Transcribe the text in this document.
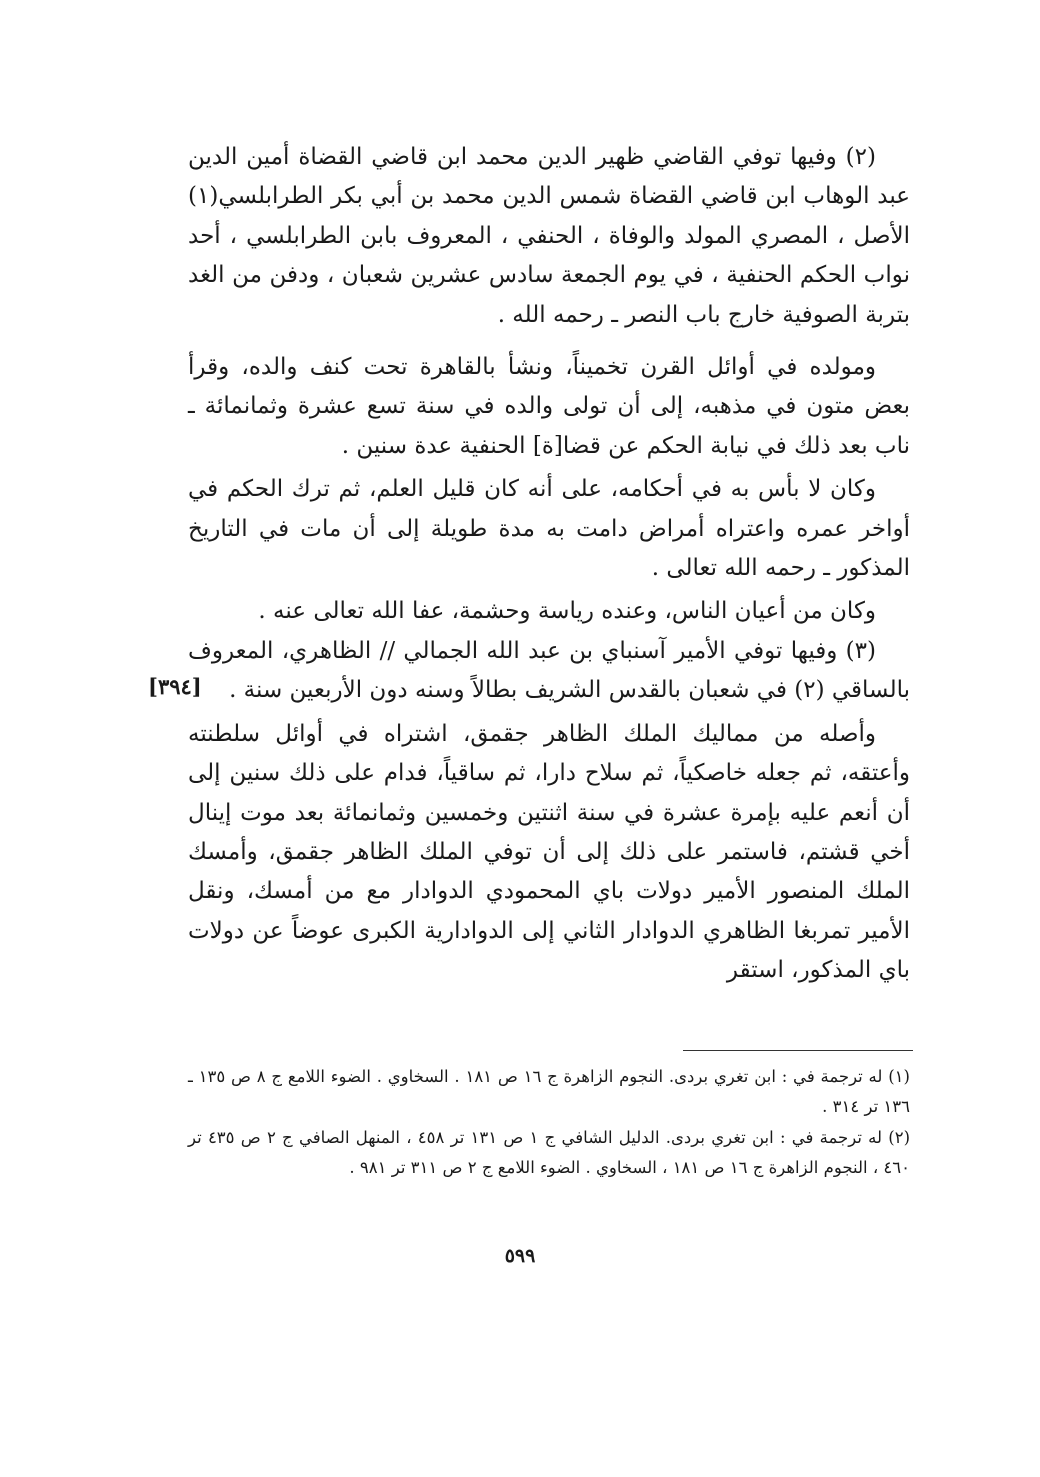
(٢) وفيها توفي القاضي ظهير الدين محمد ابن قاضي القضاة أمين الدين عبد الوهاب ابن قاضي القضاة شمس الدين محمد بن أبي بكر الطرابلسي(١) الأصل ، المصري المولد والوفاة ، الحنفي ، المعروف بابن الطرابلسي ، أحد نواب الحكم الحنفية ، في يوم الجمعة سادس عشرين شعبان ، ودفن من الغد بتربة الصوفية خارج باب النصر ـ رحمه الله .

ومولده في أوائل القرن تخميناً، ونشأ بالقاهرة تحت كنف والده، وقرأ بعض متون في مذهبه، إلى أن تولى والده في سنة تسع عشرة وثمانمائة ـ ناب بعد ذلك في نيابة الحكم عن قضا[ة] الحنفية عدة سنين .

وكان لا بأس به في أحكامه، على أنه كان قليل العلم، ثم ترك الحكم في أواخر عمره واعتراه أمراض دامت به مدة طويلة إلى أن مات في التاريخ المذكور ـ رحمه الله تعالى .

وكان من أعيان الناس، وعنده رياسة وحشمة، عفا الله تعالى عنه .

(٣) وفيها توفي الأمير آسنباي بن عبد الله الجمالي // الظاهري، المعروف بالساقي (٢) في شعبان بالقدس الشريف بطالاً وسنه دون الأربعين سنة .

وأصله من مماليك الملك الظاهر جقمق، اشتراه في أوائل سلطنته وأعتقه، ثم جعله خاصكياً، ثم سلاح دارا، ثم ساقياً، فدام على ذلك سنين إلى أن أنعم عليه بإمرة عشرة في سنة اثنتين وخمسين وثمانمائة بعد موت إينال أخي قشتم، فاستمر على ذلك إلى أن توفي الملك الظاهر جقمق، وأمسك الملك المنصور الأمير دولات باي المحمودي الدوادار مع من أمسك، ونقل الأمير تمربغا الظاهري الدوادار الثاني إلى الدوادارية الكبرى عوضاً عن دولات باي المذكور، استقر

[٣٩٤]

(١) له ترجمة في : ابن تغري بردى. النجوم الزاهرة ج ١٦ ص ١٨١ . السخاوي . الضوء اللامع ج ٨ ص ١٣٥ ـ ١٣٦ تر ٣١٤ .

(٢) له ترجمة في : ابن تغري بردى. الدليل الشافي ج ١ ص ١٣١ تر ٤٥٨ ، المنهل الصافي ج ٢ ص ٤٣٥ تر ٤٦٠ ، النجوم الزاهرة ج ١٦ ص ١٨١ ، السخاوي . الضوء اللامع ج ٢ ص ٣١١ تر ٩٨١ .

٥٩٩
